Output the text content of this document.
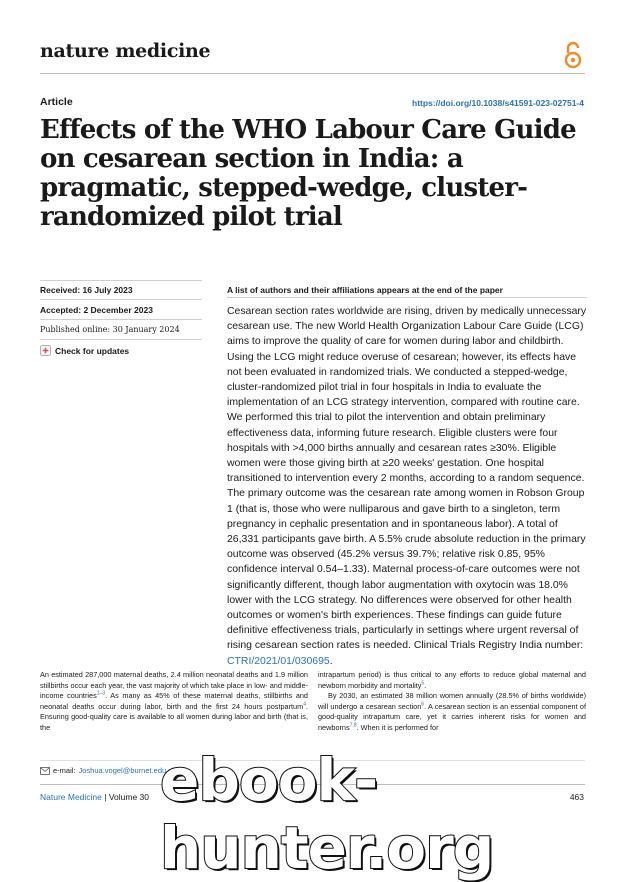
nature medicine
Article	https://doi.org/10.1038/s41591-023-02751-4
Effects of the WHO Labour Care Guide on cesarean section in India: a pragmatic, stepped-wedge, cluster-randomized pilot trial
Received: 16 July 2023
Accepted: 2 December 2023
Published online: 30 January 2024
Check for updates
A list of authors and their affiliations appears at the end of the paper

Cesarean section rates worldwide are rising, driven by medically unnecessary cesarean use. The new World Health Organization Labour Care Guide (LCG) aims to improve the quality of care for women during labor and childbirth. Using the LCG might reduce overuse of cesarean; however, its effects have not been evaluated in randomized trials. We conducted a stepped-wedge, cluster-randomized pilot trial in four hospitals in India to evaluate the implementation of an LCG strategy intervention, compared with routine care. We performed this trial to pilot the intervention and obtain preliminary effectiveness data, informing future research. Eligible clusters were four hospitals with >4,000 births annually and cesarean rates ≥30%. Eligible women were those giving birth at ≥20 weeks' gestation. One hospital transitioned to intervention every 2 months, according to a random sequence. The primary outcome was the cesarean rate among women in Robson Group 1 (that is, those who were nulliparous and gave birth to a singleton, term pregnancy in cephalic presentation and in spontaneous labor). A total of 26,331 participants gave birth. A 5.5% crude absolute reduction in the primary outcome was observed (45.2% versus 39.7%; relative risk 0.85, 95% confidence interval 0.54–1.33). Maternal process-of-care outcomes were not significantly different, though labor augmentation with oxytocin was 18.0% lower with the LCG strategy. No differences were observed for other health outcomes or women's birth experiences. These findings can guide future definitive effectiveness trials, particularly in settings where urgent reversal of rising cesarean section rates is needed. Clinical Trials Registry India number: CTRI/2021/01/030695.

An estimated 287,000 maternal deaths, 2.4 million neonatal deaths and 1.9 million stillbirths occur each year, the vast majority of which take place in low- and middle-income countries$^{1-3}$. As many as 45% of these maternal deaths, stillbirths and neonatal deaths occur during labor, birth and the first 24 hours postpartum$^4$. Ensuring good-quality care is available to all women during labor and birth (that is, the

intrapartum period) is thus critical to any efforts to reduce global maternal and newborn morbidity and mortality$^5$.

By 2030, an estimated 38 million women annually (28.5% of births worldwide) will undergo a cesarean section$^6$. A cesarean section is an essential component of good-quality intrapartum care, yet it carries inherent risks for women and newborns$^{7,8}$. When it is performed for

e-mail: Joshua.vogel@burnet.edu.au
Nature Medicine | Volume 30	463
ebook-hunter.org
